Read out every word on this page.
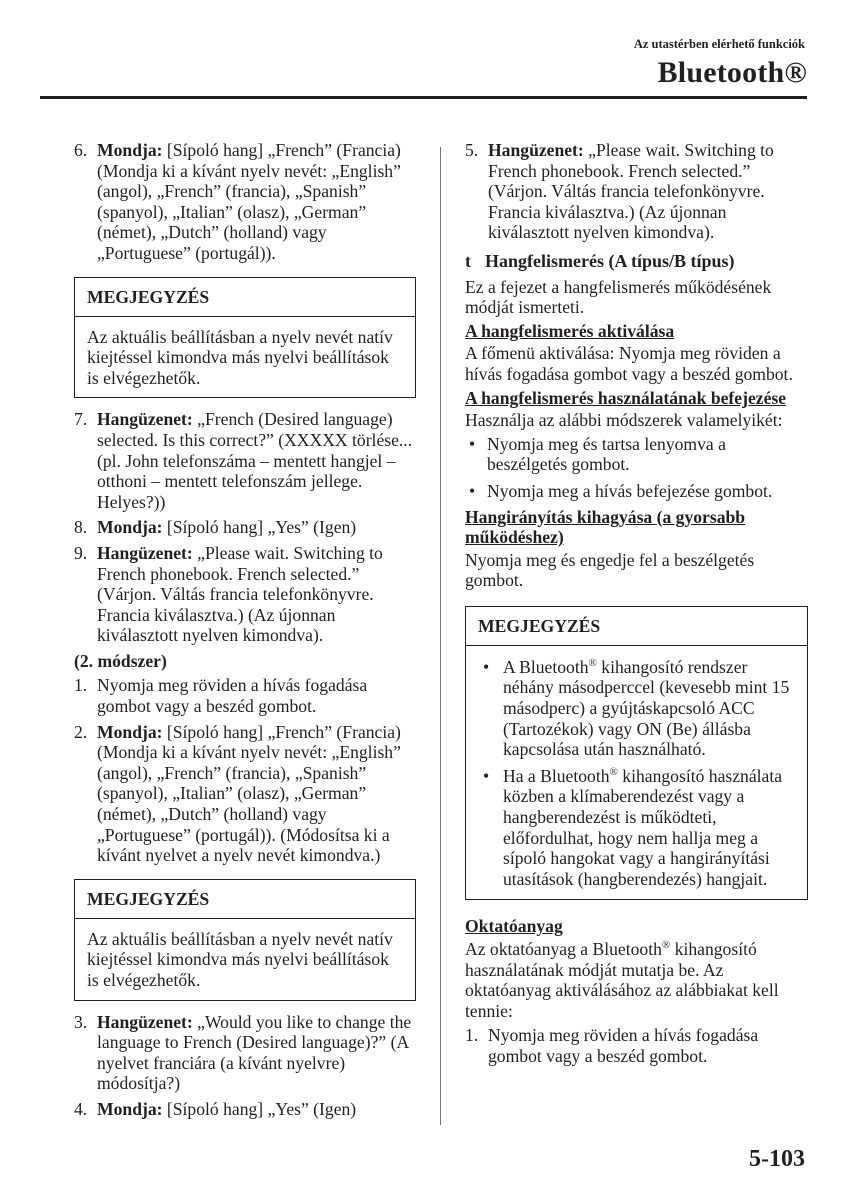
Az utastérben elérhető funkciók
Bluetooth®
6. Mondja: [Sípoló hang] „French” (Francia) (Mondja ki a kívánt nyelv nevét: „English” (angol), „French” (francia), „Spanish” (spanyol), „Italian” (olasz), „German” (német), „Dutch” (holland) vagy „Portuguese” (portugál)).
MEGJEGYZÉS
Az aktuális beállításban a nyelv nevét natív kiejtéssel kimondva más nyelvi beállítások is elvégezhetők.
7. Hangüzenet: „French (Desired language) selected. Is this correct?” (XXXXX törlése... (pl. John telefonszáma – mentett hangjel – otthoni – mentett telefonszám jellege. Helyes?))
8. Mondja: [Sípoló hang] „Yes” (Igen)
9. Hangüzenet: „Please wait. Switching to French phonebook. French selected.” (Várjon. Váltás francia telefonkönyvre. Francia kiválasztva.) (Az újonnan kiválasztott nyelven kimondva).
(2. módszer)
1. Nyomja meg röviden a hívás fogadása gombot vagy a beszéd gombot.
2. Mondja: [Sípoló hang] „French” (Francia) (Mondja ki a kívánt nyelv nevét: „English” (angol), „French” (francia), „Spanish” (spanyol), „Italian” (olasz), „German” (német), „Dutch” (holland) vagy „Portuguese” (portugál)). (Módosítsa ki a kívánt nyelvet a nyelv nevét kimondva.)
MEGJEGYZÉS
Az aktuális beállításban a nyelv nevét natív kiejtéssel kimondva más nyelvi beállítások is elvégezhetők.
3. Hangüzenet: „Would you like to change the language to French (Desired language)?” (A nyelvet franciára (a kívánt nyelvre) módosítja?)
4. Mondja: [Sípoló hang] „Yes” (Igen)
5. Hangüzenet: „Please wait. Switching to French phonebook. French selected.” (Várjon. Váltás francia telefonkönyvre. Francia kiválasztva.) (Az újonnan kiválasztott nyelven kimondva).
t Hangfelismerés (A típus/B típus)
Ez a fejezet a hangfelismerés működésének módját ismerteti.
A hangfelismerés aktiválása
A főmenü aktiválása: Nyomja meg röviden a hívás fogadása gombot vagy a beszéd gombot.
A hangfelismerés használatának befejezése
Használja az alábbi módszerek valamelyikét:
• Nyomja meg és tartsa lenyomva a beszélgetés gombot.
• Nyomja meg a hívás befejezése gombot.
Hangirányítás kihagyása (a gyorsabb működéshez)
Nyomja meg és engedje fel a beszélgetés gombot.
MEGJEGYZÉS
• A Bluetooth® kihangosító rendszer néhány másodperccel (kevesebb mint 15 másodperc) a gyújtáskapcsoló ACC (Tartozékok) vagy ON (Be) állásba kapcsolása után használható.
• Ha a Bluetooth® kihangosító használata közben a klímaberendezést vagy a hangberendezést is működteti, előfordulhat, hogy nem hallja meg a sípoló hangokat vagy a hangirányítási utasítások (hangberendezés) hangjait.
Oktatóanyag
Az oktatóanyag a Bluetooth® kihangosító használatának módját mutatja be. Az oktatóanyag aktiválásához az alábbiakat kell tennie:
1. Nyomja meg röviden a hívás fogadása gombot vagy a beszéd gombot.
5-103
